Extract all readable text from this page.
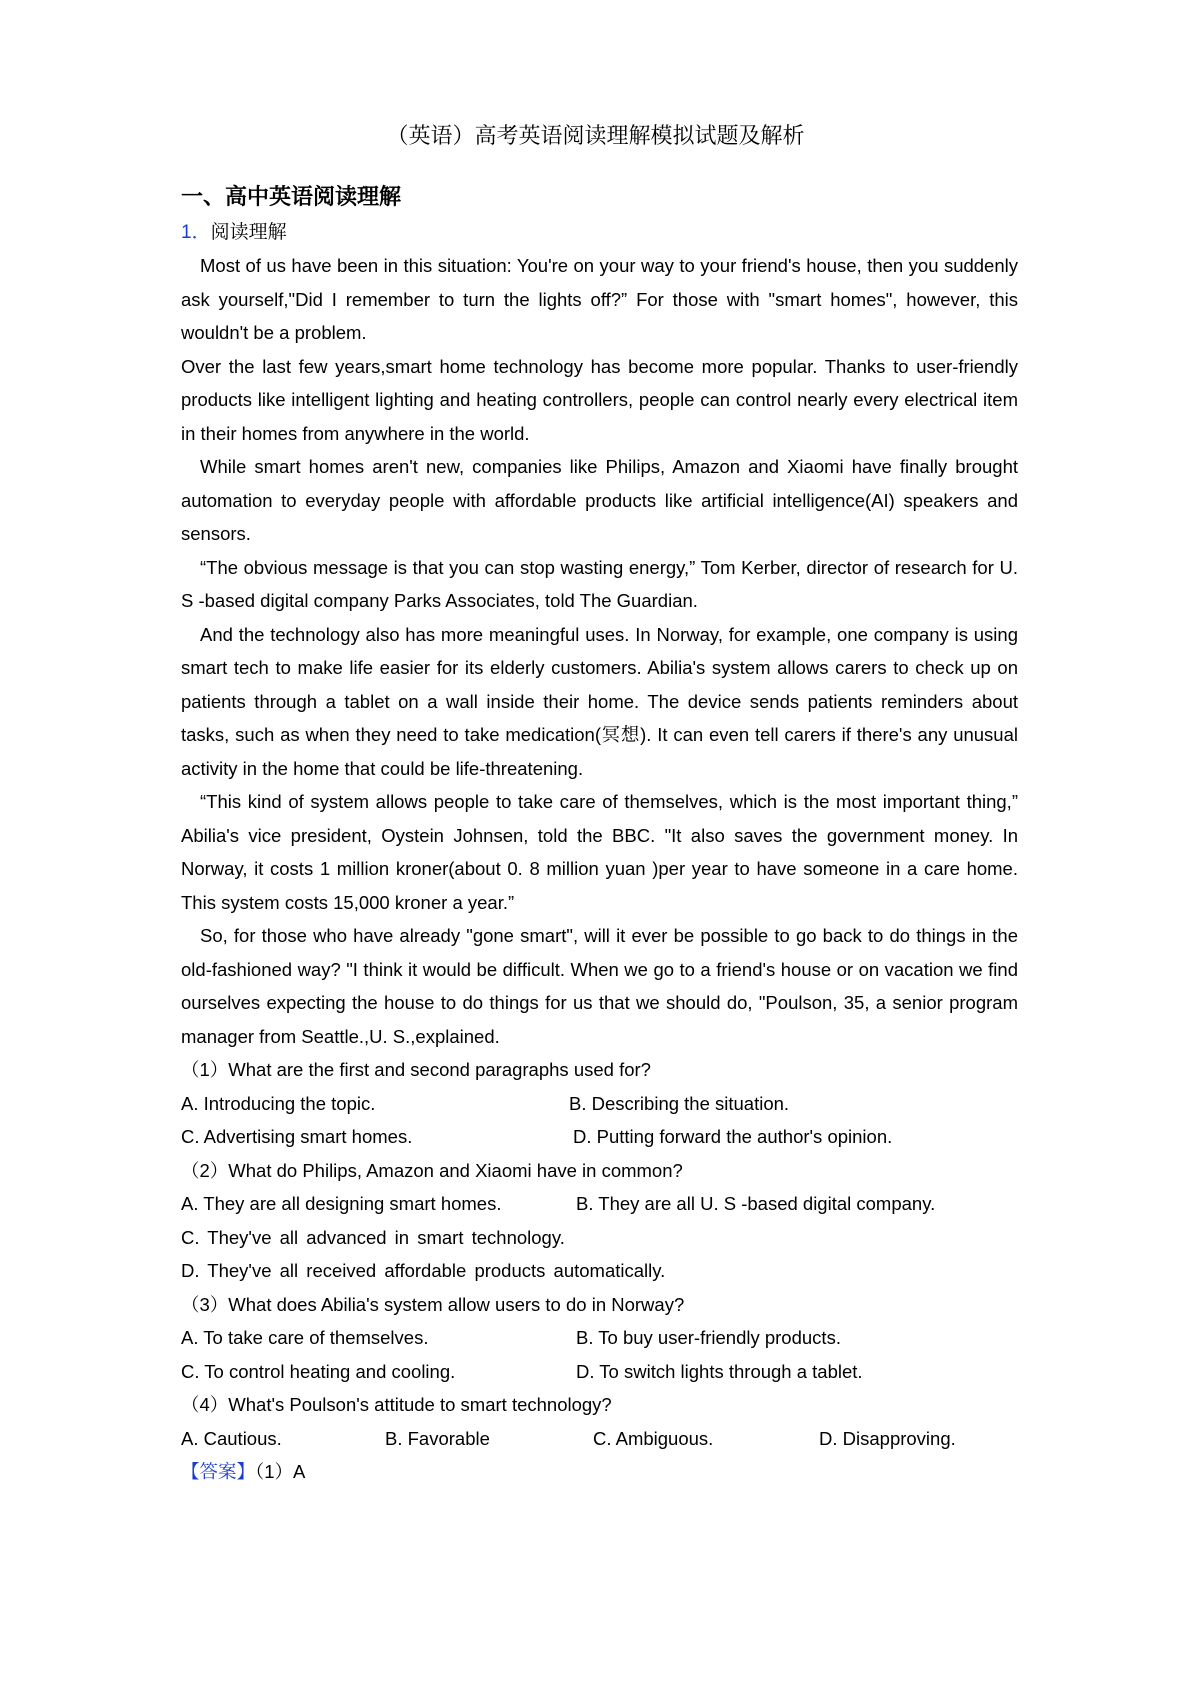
（英语）高考英语阅读理解模拟试题及解析
一、高中英语阅读理解
1．阅读理解

Most of us have been in this situation: You're on your way to your friend's house, then you suddenly ask yourself,"Did I remember to turn the lights off?” For those with "smart homes", however, this wouldn't be a problem.

Over the last few years,smart home technology has become more popular. Thanks to user-friendly products like intelligent lighting and heating controllers, people can control nearly every electrical item in their homes from anywhere in the world.

While smart homes aren't new, companies like Philips, Amazon and Xiaomi have finally brought automation to everyday people with affordable products like artificial intelligence(AI) speakers and sensors.

“The obvious message is that you can stop wasting energy,” Tom Kerber, director of research for U. S -based digital company Parks Associates, told The Guardian.

And the technology also has more meaningful uses. In Norway, for example, one company is using smart tech to make life easier for its elderly customers. Abilia's system allows carers to check up on patients through a tablet on a wall inside their home. The device sends patients reminders about tasks, such as when they need to take medication(冥想). It can even tell carers if there's any unusual activity in the home that could be life-threatening.

“This kind of system allows people to take care of themselves, which is the most important thing,” Abilia's vice president, Oystein Johnsen, told the BBC. "It also saves the government money. In Norway, it costs 1 million kroner(about 0. 8 million yuan )per year to have someone in a care home. This system costs 15,000 kroner a year.”

So, for those who have already "gone smart", will it ever be possible to go back to do things in the old-fashioned way? "I think it would be difficult. When we go to a friend's house or on vacation we find ourselves expecting the house to do things for us that we should do, "Poulson, 35, a senior program manager from Seattle.,U. S.,explained.

（1）What are the first and second paragraphs used for?

A. Introducing the topic.	B. Describing the situation.
C. Advertising smart homes.	D. Putting forward the author's opinion.

（2）What do Philips, Amazon and Xiaomi have in common?

A. They are all designing smart homes.	B. They are all U. S -based digital company.
C. They've all advanced in smart technology.D. They've all received affordable products automatically.

（3）What does Abilia's system allow users to do in Norway?

A. To take care of themselves.	B. To buy user-friendly products.
C. To control heating and cooling.	D. To switch lights through a tablet.

（4）What's Poulson's attitude to smart technology?

A. Cautious.	B. Favorable	C. Ambiguous.	D. Disapproving.
【答案】（1）A
